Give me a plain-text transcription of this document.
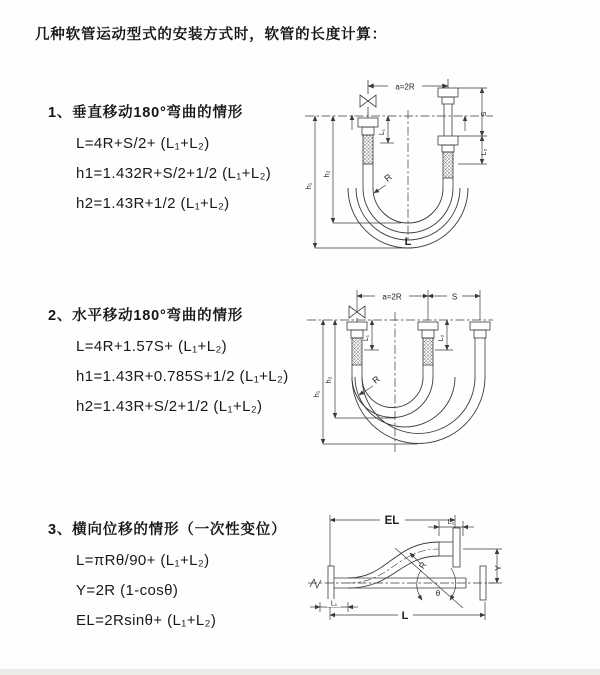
几种软管运动型式的安装方式时，软管的长度计算：
1、垂直移动180°弯曲的情形
L=4R+S/2+ (L₁+L₂)
h1=1.432R+S/2+1/2 (L₁+L₂)
h2=1.43R+1/2 (L₁+L₂)
2、水平移动180°弯曲的情形
L=4R+1.57S+ (L₁+L₂)
h1=1.43R+0.785S+1/2 (L₁+L₂)
h2=1.43R+S/2+1/2 (L₁+L₂)
3、横向位移的情形（一次性变位）
L=πRθ/90+ (L₁+L₂)
Y=2R (1-cosθ)
EL=2Rsinθ+ (L₁+L₂)
a=2R
L₁
S
L₂
h₁
h₂	R
L
a=2R	S
L₁	L₂
h₁
h₂	R
EL	L₂
Y
R
θ
L₁
L
